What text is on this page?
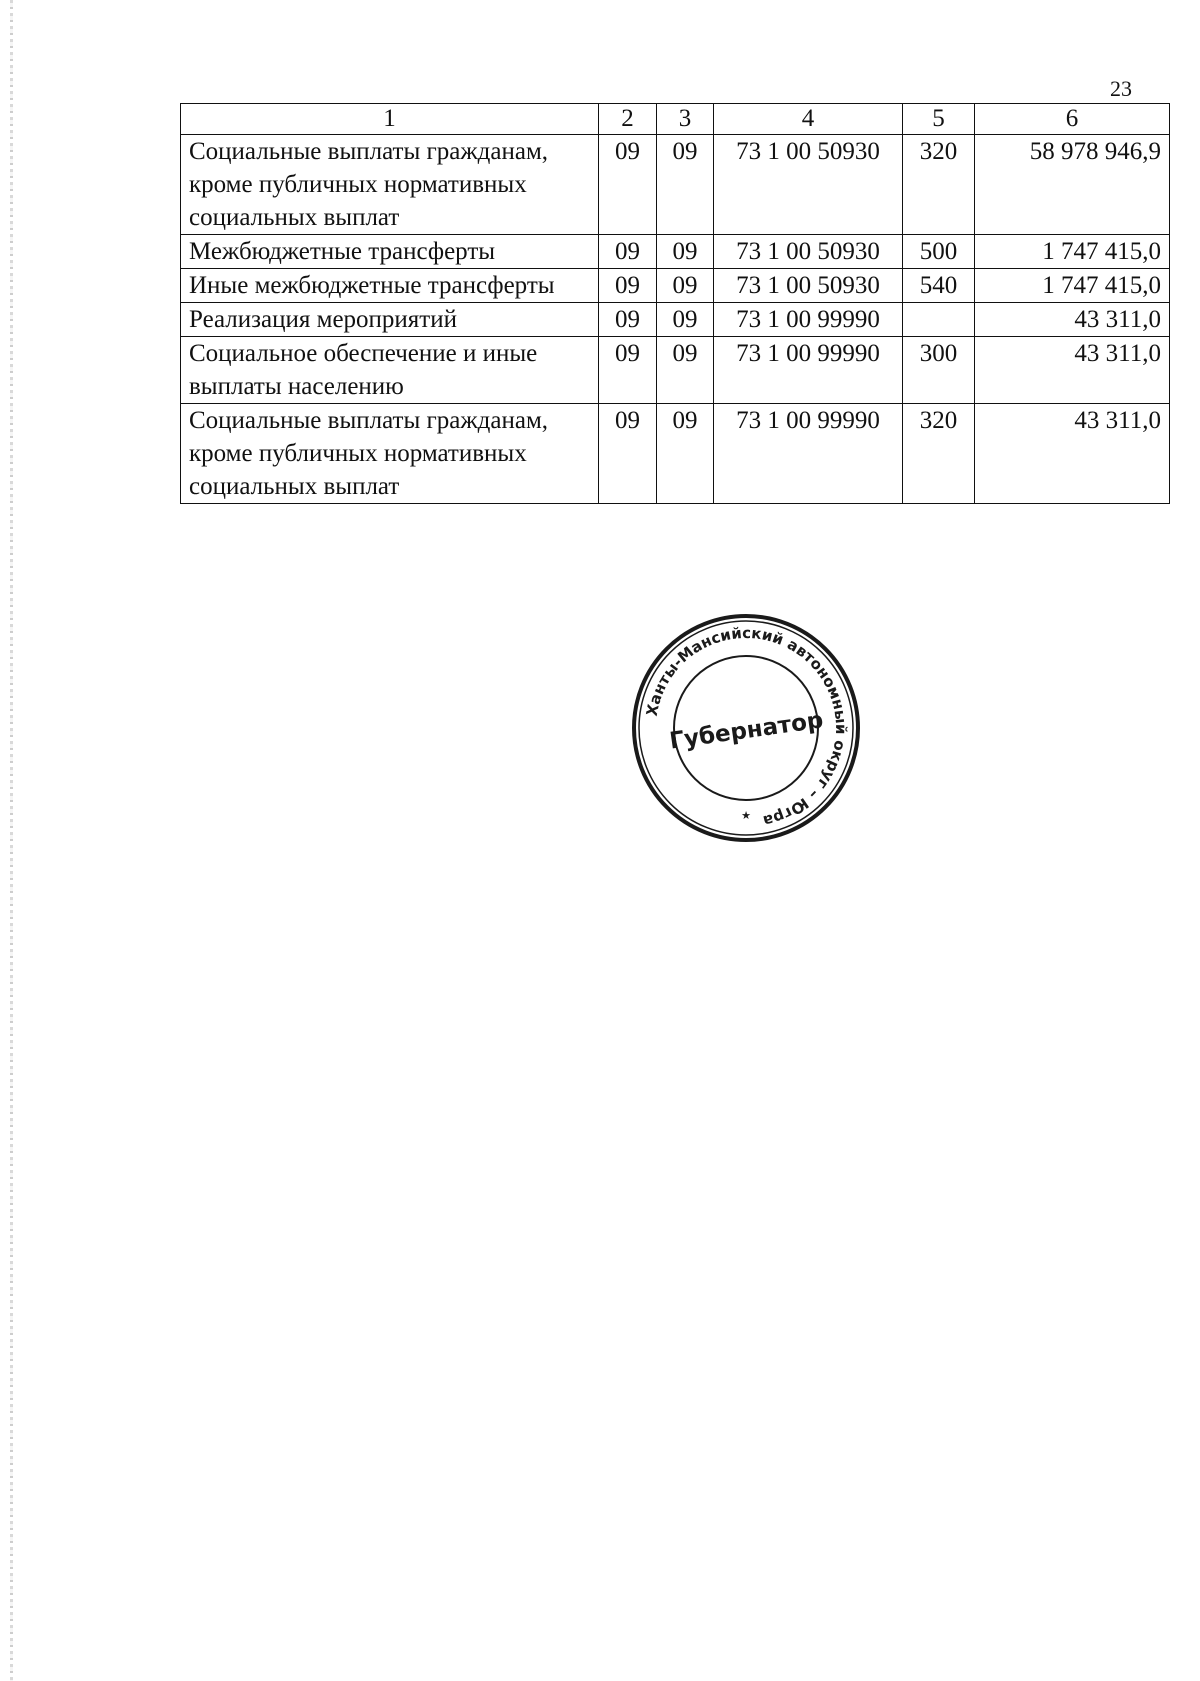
23
1	2	3	4	5	6
Социальные выплаты гражданам, кроме публичных нормативных социальных выплат	09	09	73 1 00 50930	320	58 978 946,9
Межбюджетные трансферты	09	09	73 1 00 50930	500	1 747 415,0
Иные межбюджетные трансферты	09	09	73 1 00 50930	540	1 747 415,0
Реализация мероприятий	09	09	73 1 00 99990		43 311,0
Социальное обеспечение и иные выплаты населению	09	09	73 1 00 99990	300	43 311,0
Социальные выплаты гражданам, кроме публичных нормативных социальных выплат	09	09	73 1 00 99990	320	43 311,0
Ханты-Мансийский автономный округ – Югра
Губернатор
★
